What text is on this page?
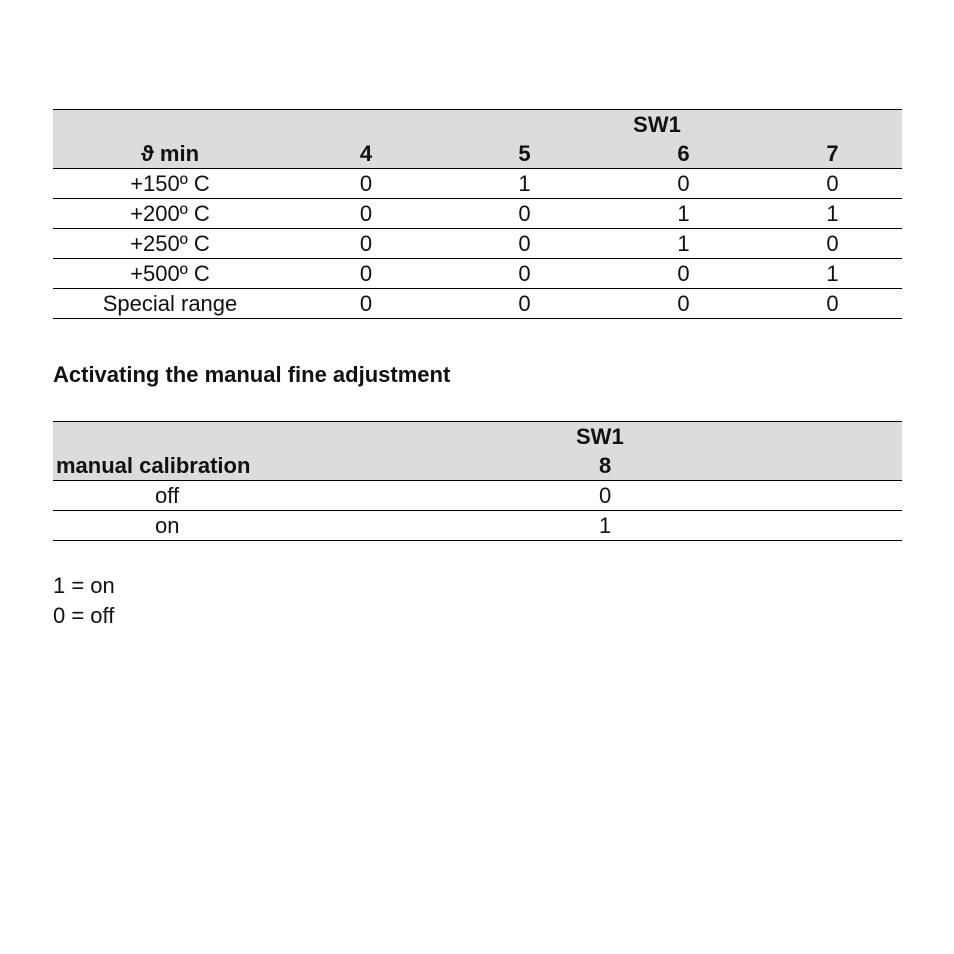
	SW1			
ϑ min	4	5	6	7
+150º C	0	1	0	0
+200º C	0	0	1	1
+250º C	0	0	1	0
+500º C	0	0	0	1
Special range	0	0	0	0
Activating the manual fine adjustment
	SW1
manual calibration	8
off	0
on	1
1 = on
0 = off
